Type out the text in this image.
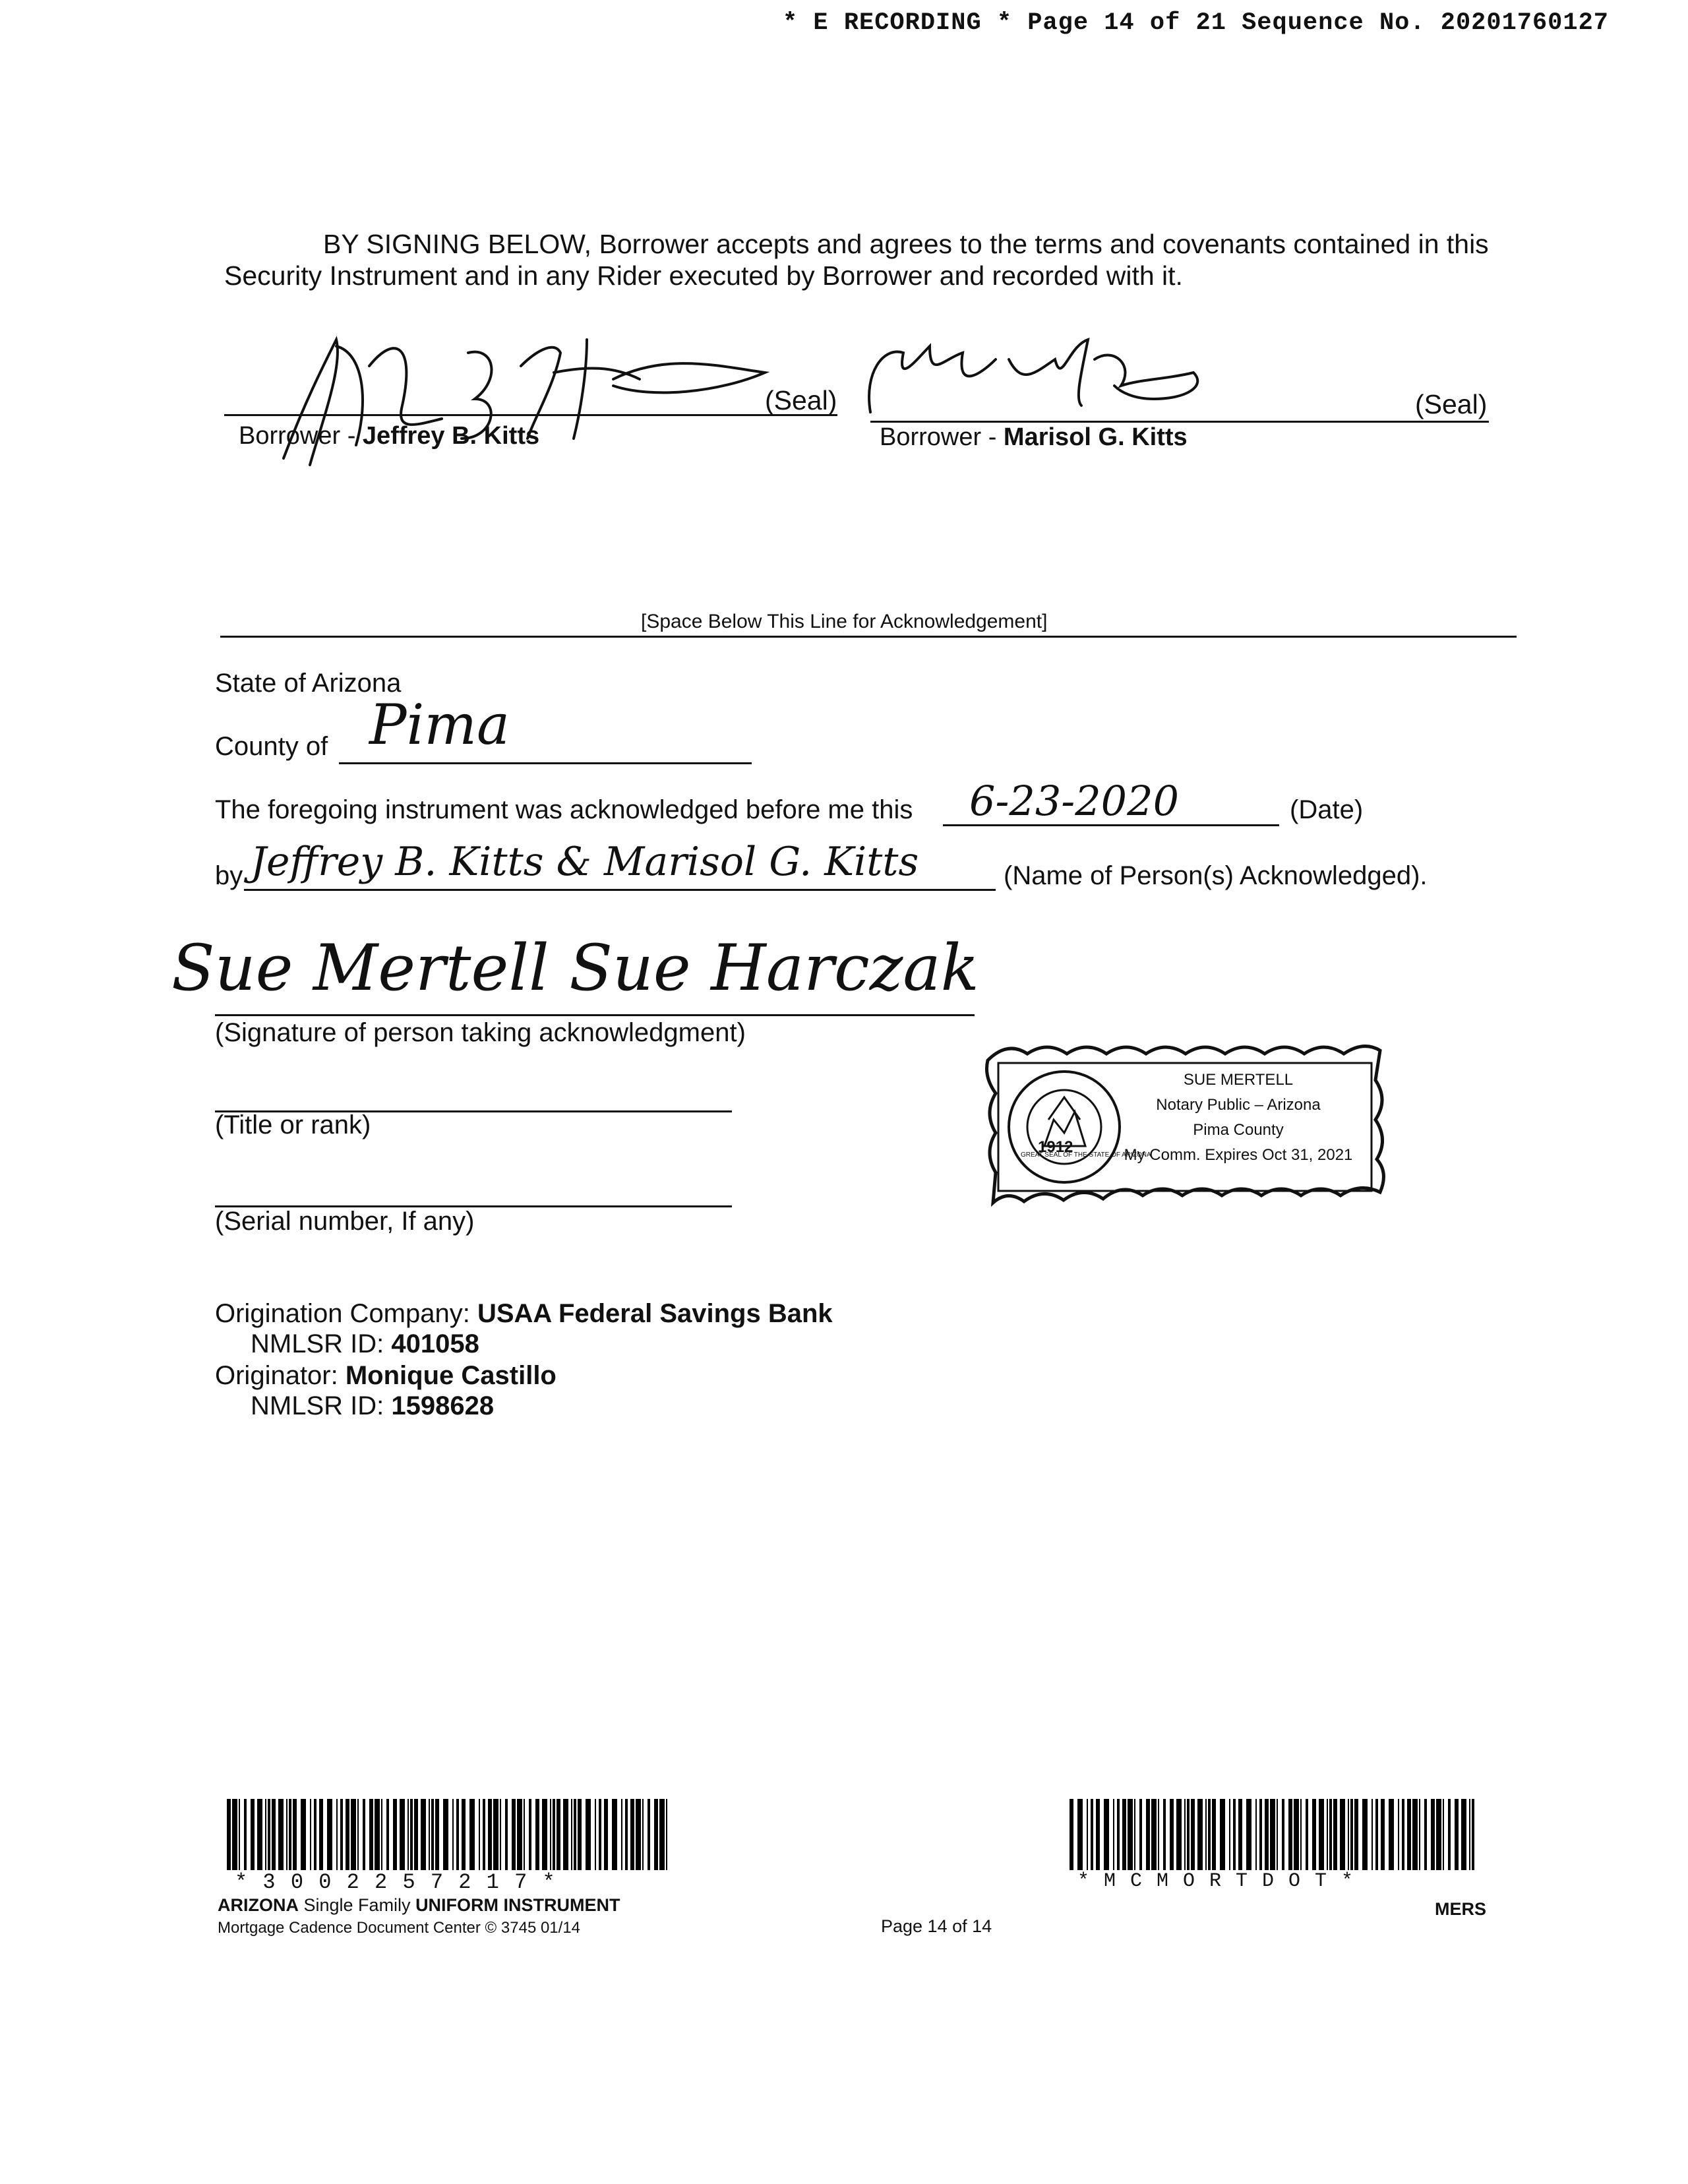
* E RECORDING * Page 14 of 21 Sequence No. 20201760127
BY SIGNING BELOW, Borrower accepts and agrees to the terms and covenants contained in this Security Instrument and in any Rider executed by Borrower and recorded with it.
(Seal)
Borrower - Jeffrey B. Kitts
(Seal)
Borrower - Marisol G. Kitts
[Space Below This Line for Acknowledgement]
State of Arizona
County of Pima
The foregoing instrument was acknowledged before me this 6-23-2020	(Date)
by Jeffrey B. Kitts & Marisol G. Kitts	(Name of Person(s) Acknowledged).
Sue Mertell Sue Harczak
(Signature of person taking acknowledgment)
(Title or rank)
(Serial number, If any)
1912
GREAT SEAL OF THE STATE OF ARIZONA
SUE MERTELL
Notary Public – Arizona
Pima County
My Comm. Expires Oct 31, 2021
Origination Company: USAA Federal Savings Bank
NMLSR ID: 401058
Originator: Monique Castillo
NMLSR ID: 1598628
* 3 0 0 2 2 5 7 2 1 7 *
ARIZONA Single Family UNIFORM INSTRUMENT
Mortgage Cadence Document Center © 3745 01/14	Page 14 of 14
* M C M O R T D O T *
MERS
